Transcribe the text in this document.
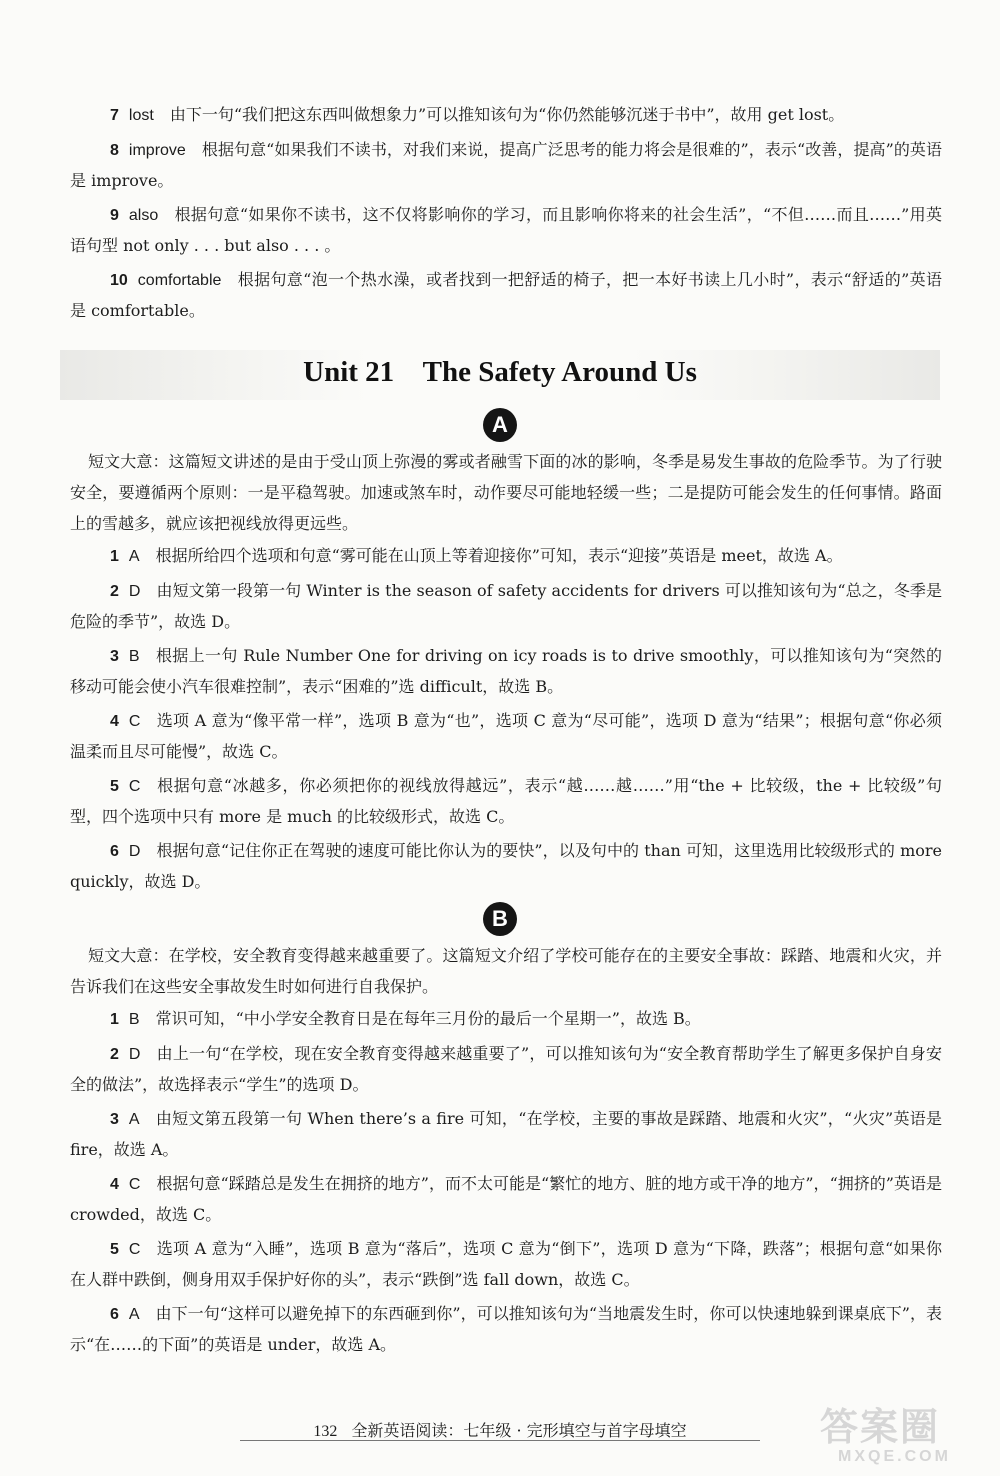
7 lost 由下一句“我们把这东西叫做想象力”可以推知该句为“你仍然能够沉迷于书中”，故用 get lost。

8 improve 根据句意“如果我们不读书，对我们来说，提高广泛思考的能力将会是很难的”，表示“改善，提高”的英语是 improve。

9 also 根据句意“如果你不读书，这不仅将影响你的学习，而且影响你将来的社会生活”，“不但……而且……”用英语句型 not only . . . but also . . . 。

10 comfortable 根据句意“泡一个热水澡，或者找到一把舒适的椅子，把一本好书读上几小时”，表示“舒适的”英语是 comfortable。

Unit 21    The Safety Around Us
A

短文大意：这篇短文讲述的是由于受山顶上弥漫的雾或者融雪下面的冰的影响，冬季是易发生事故的危险季节。为了行驶安全，要遵循两个原则：一是平稳驾驶。加速或煞车时，动作要尽可能地轻缓一些；二是提防可能会发生的任何事情。路面上的雪越多，就应该把视线放得更远些。

1 A 根据所给四个选项和句意“雾可能在山顶上等着迎接你”可知，表示“迎接”英语是 meet，故选 A。

2 D 由短文第一段第一句 Winter is the season of safety accidents for drivers 可以推知该句为“总之，冬季是危险的季节”，故选 D。

3 B 根据上一句 Rule Number One for driving on icy roads is to drive smoothly，可以推知该句为“突然的移动可能会使小汽车很难控制”，表示“困难的”选 difficult，故选 B。

4 C 选项 A 意为“像平常一样”，选项 B 意为“也”，选项 C 意为“尽可能”，选项 D 意为“结果”；根据句意“你必须温柔而且尽可能慢”，故选 C。

5 C 根据句意“冰越多，你必须把你的视线放得越远”，表示“越……越……”用“the + 比较级，the + 比较级”句型，四个选项中只有 more 是 much 的比较级形式，故选 C。

6 D 根据句意“记住你正在驾驶的速度可能比你认为的要快”，以及句中的 than 可知，这里选用比较级形式的 more quickly，故选 D。

B

短文大意：在学校，安全教育变得越来越重要了。这篇短文介绍了学校可能存在的主要安全事故：踩踏、地震和火灾，并告诉我们在这些安全事故发生时如何进行自我保护。

1 B 常识可知，“中小学安全教育日是在每年三月份的最后一个星期一”，故选 B。

2 D 由上一句“在学校，现在安全教育变得越来越重要了”，可以推知该句为“安全教育帮助学生了解更多保护自身安全的做法”，故选择表示“学生”的选项 D。

3 A 由短文第五段第一句 When there’s a fire 可知，“在学校，主要的事故是踩踏、地震和火灾”，“火灾”英语是 fire，故选 A。

4 C 根据句意“踩踏总是发生在拥挤的地方”，而不太可能是“繁忙的地方、脏的地方或干净的地方”，“拥挤的”英语是 crowded，故选 C。

5 C 选项 A 意为“入睡”，选项 B 意为“落后”，选项 C 意为“倒下”，选项 D 意为“下降，跌落”；根据句意“如果你在人群中跌倒，侧身用双手保护好你的头”，表示“跌倒”选 fall down，故选 C。

6 A 由下一句“这样可以避免掉下的东西砸到你”，可以推知该句为“当地震发生时，你可以快速地躲到课桌底下”，表示“在……的下面”的英语是 under，故选 A。

132 全新英语阅读：七年级 · 完形填空与首字母填空	答案圈
MXQE.COM
